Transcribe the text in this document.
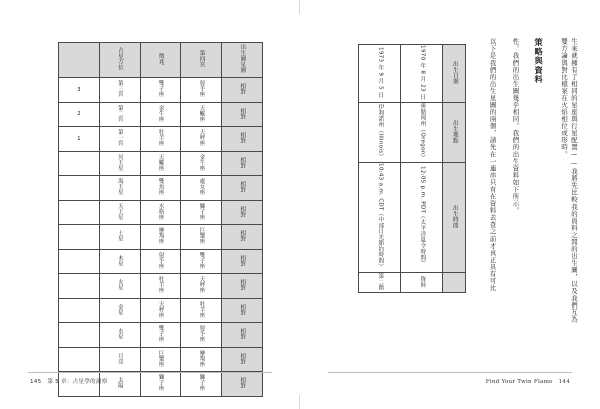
	占星方位	徵兆	第四宮	出生圖星圖
3	第三宮	雙子座	射手座	相對
2	第二宮	金牛座	天蠍座	相對
1	第一宮	牡羊座	天秤座	相對
	冥王星	天蠍座	金牛座	相對
	海王星	雙魚座	處女座	相對
	天王星	水瓶座	獅子座	相對
	土星	摩羯座	巨蟹座	相對
	木星	射手座	雙子座	相對
	火星	牡羊座	天秤座	相對
	金星	天秤座	牡羊座	相對
	水星	雙子座	射手座	相對
	月亮	巨蟹座	摩羯座	相對
	太陽	獅子座	獅子座	相對
145 第 5 章：占星學的洞察
以下是我們的出生星圖的兩個，請先在一連串只有在資料去查之前才真正具有可比	性，我們的出生圖幾乎相同。我們的出生資料如下所示。 策略與資料	生來就擁有了相同的星座與行星配置——我將先比較我的資料之間的出生圖，以及我們互為雙方論與對比檔案在火焰相位成形時。
1973 年 9 月 5 日	1970 年 8 月 23 日	出生日期
伊利諾州（Illinois）	奧勒岡州（Oregon）	出生地點
10:43 a.m. CDT（中部日光節約時間）	12:05 p.m. PDT（太平洋夏令時間）	出生時間
第二階	資料	
Find Your Twin Flame 144
